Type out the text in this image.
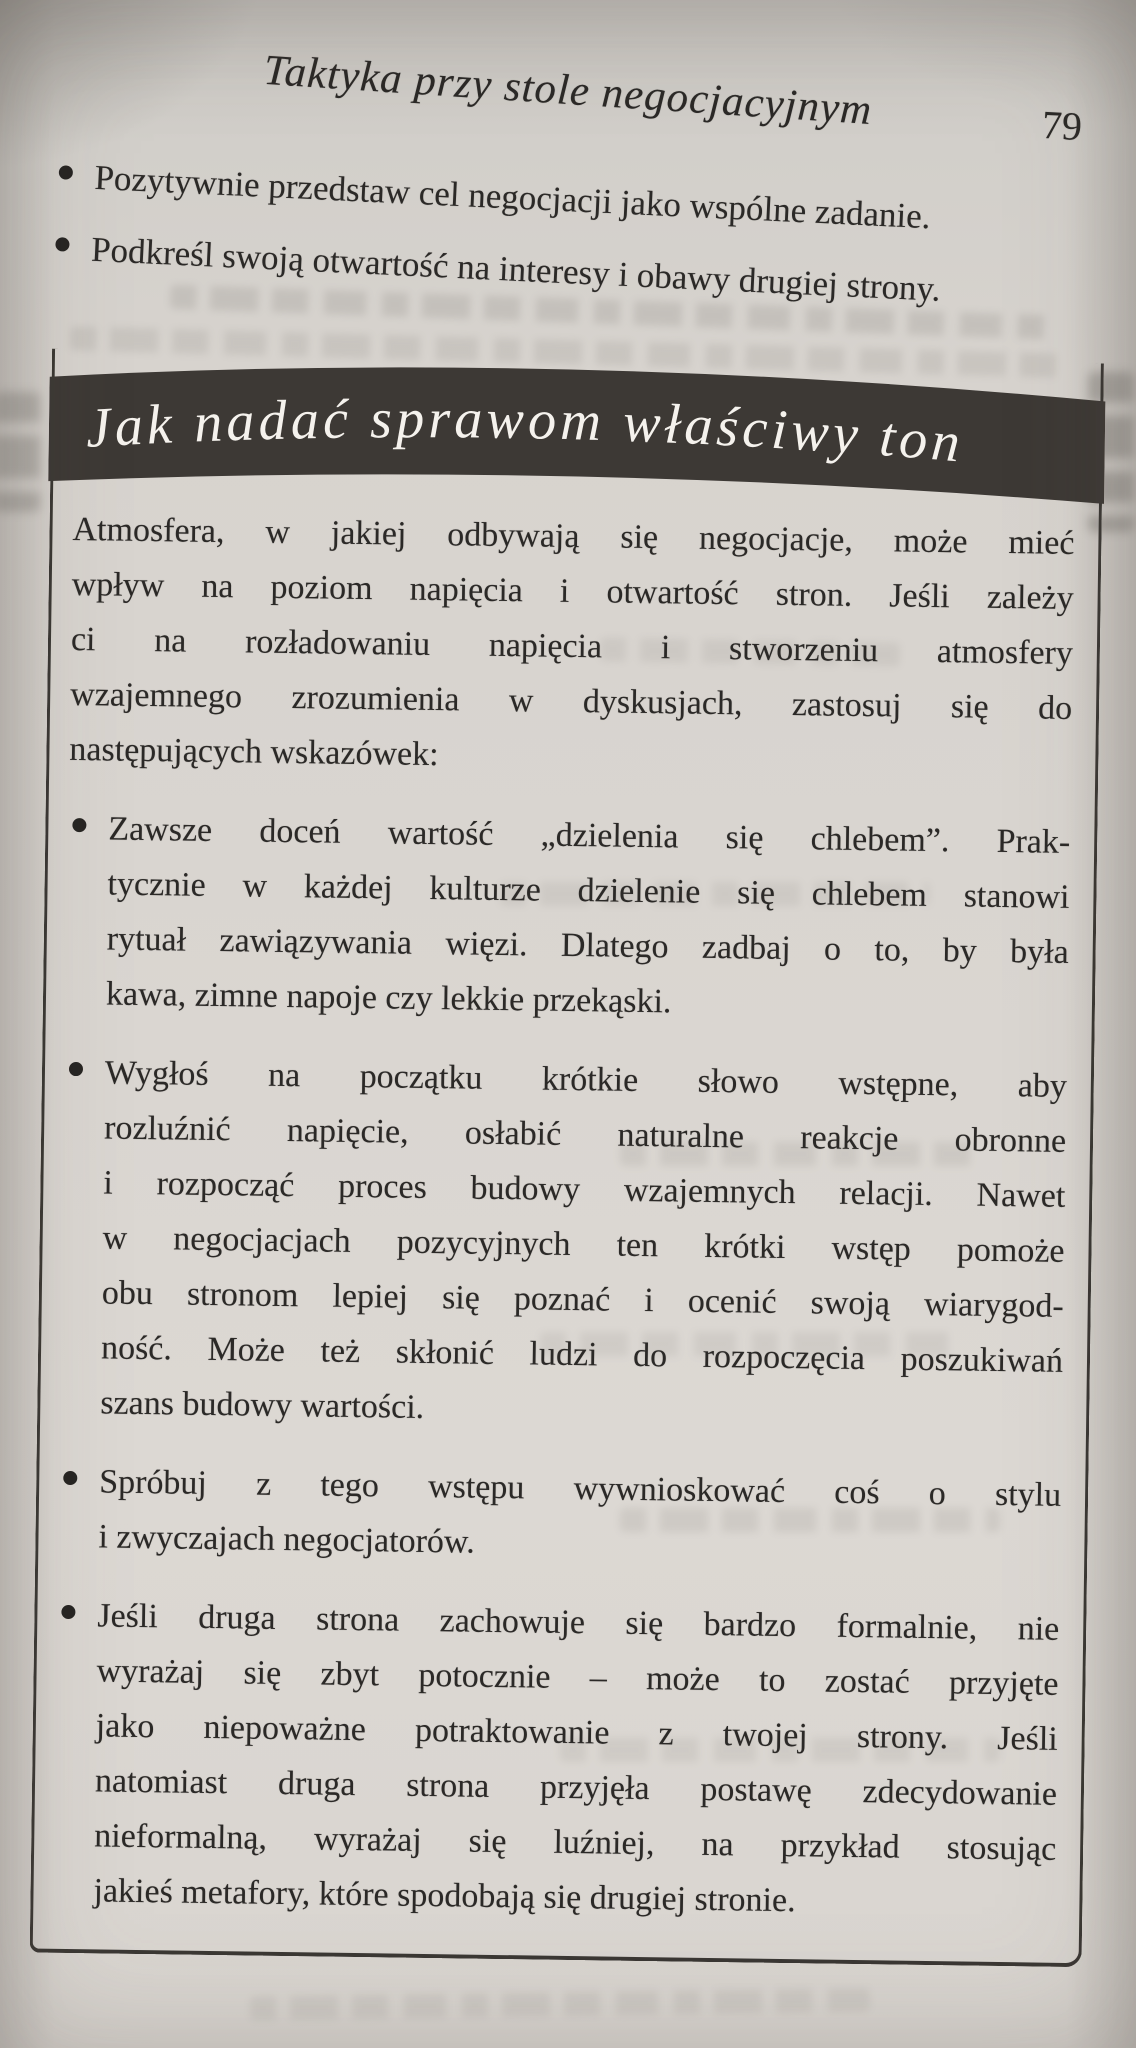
Taktyka przy stole negocjacyjnym	79
Pozytywnie przedstaw cel negocjacji jako wspólne zadanie.
Podkreśl swoją otwartość na interesy i obawy drugiej strony.
Jak nadać sprawom właściwy ton
Atmosfera, w jakiej odbywają się negocjacje, może mieć
wpływ na poziom napięcia i otwartość stron. Jeśli zależy
ci na rozładowaniu napięcia i stworzeniu atmosfery
wzajemnego zrozumienia w dyskusjach, zastosuj się do
następujących wskazówek:
Zawsze doceń wartość „dzielenia się chlebem”. Prak-
tycznie w każdej kulturze dzielenie się chlebem stanowi
rytuał zawiązywania więzi. Dlatego zadbaj o to, by była
kawa, zimne napoje czy lekkie przekąski.
Wygłoś na początku krótkie słowo wstępne, aby
rozluźnić napięcie, osłabić naturalne reakcje obronne
i rozpocząć proces budowy wzajemnych relacji. Nawet
w negocjacjach pozycyjnych ten krótki wstęp pomoże
obu stronom lepiej się poznać i ocenić swoją wiarygod-
ność. Może też skłonić ludzi do rozpoczęcia poszukiwań
szans budowy wartości.
Spróbuj z tego wstępu wywnioskować coś o stylu
i zwyczajach negocjatorów.
Jeśli druga strona zachowuje się bardzo formalnie, nie
wyrażaj się zbyt potocznie – może to zostać przyjęte
jako niepoważne potraktowanie z twojej strony. Jeśli
natomiast druga strona przyjęła postawę zdecydowanie
nieformalną, wyrażaj się luźniej, na przykład stosując
jakieś metafory, które spodobają się drugiej stronie.
